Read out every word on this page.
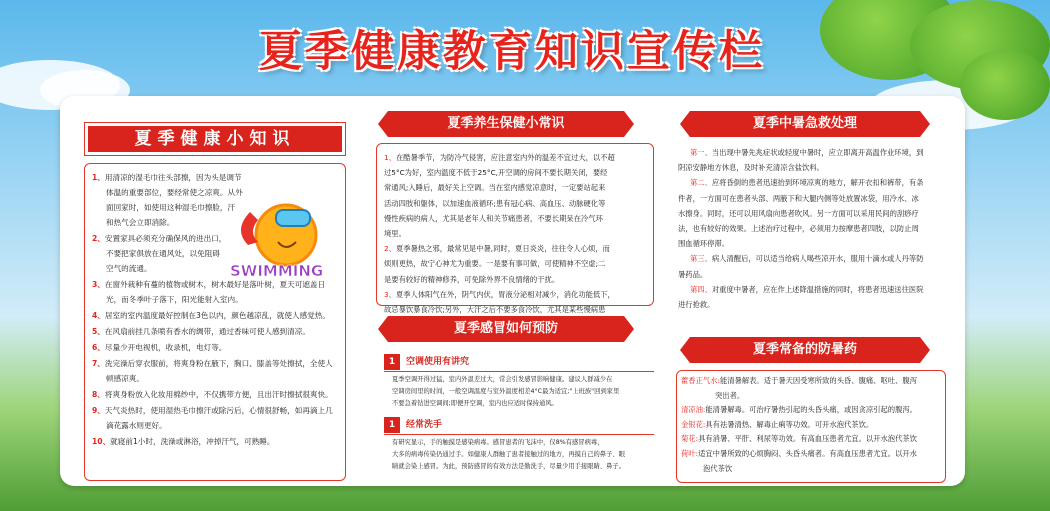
夏季健康教育知识宣传栏
夏季健康小知识
SWIMMING
1、用清凉的湿毛巾往头部擦，因为头是调节
体温的重要部位，要经常使之凉爽。从外
面回家时，如使用这种湿毛巾擦脸，汗
和热气会立即消除。
2、安置家具必须充分确保风的进出口，
不要把家俱放在通风处，以免阻碍
空气的流通。
3、在窗外栽种有蔓的植物或树木，树木最好是落叶树，夏天可遮盖日
光，而冬季叶子落下，阳光能射入室内。
4、居室的室内温度最好控制在3色以内，颜色越凉乱，就使人感觉热。
5、在风扇前挂几条喷有香水的绸带，通过香味可使人感到清凉。
6、尽量少开电视机，收录机，电灯等。
7、洗完澡后穿衣服前，将爽身粉在腋下，胸口、膝盖等处擦拭，全使人
顿感凉爽。
8、将爽身粉放入化妆用棉纱中，不仅携带方便，且出汗时擦拭很爽快。
9、天气炎热时，使用湿热毛巾擦汗或除污后，心情很舒畅，如再滴上几
滴花露水则更好。
10、就寝前1小时，洗澡或淋浴，冲掉汗气，可熟睡。
夏季养生保健小常识
1、在酷暑季节，为防冷气侵害，应注意室内外的温差不宜过大，以不超
过5°C为好，室内温度不低于25°C,开空调的房间不要长期关闭，要经
常通风;入睡后，最好关上空调。当在室内感觉凉意时，一定要站起来
活动四肢和躯体，以加速血液循环;患有冠心病、高血压、动脉硬化等
慢性疾病的病人，尤其是老年人和关节痛患者，不要长期呆在冷气环
境里。
2、夏季暑热之邪，最常见是中暑,同时，夏日炎炎，往往令人心烦，而
烦则更热，故宁心神尤为重要。一是要有事可做，可使精神不空虚;二
是要有较好的精神修养，可免除外界不良情绪的干扰。
3、夏季人体阳气在外，阴气内伏，胃液分泌相对减少，消化功能低下，
故忌暴饮暴食冷饮;另外，大汗之后不要多食冷饮，尤其是某些慢病患
夏季感冒如何预防
1 空调使用有讲究
夏季空调开得过猛，室内外温差过大，常会引发感冒影响健康。建议人群减少在
空调房间里的时间，一般空调温度与室外温度相差4°C最为适宜;"上班族"回到家里
不要急着钻进空调间;即便开空调，室内也应适时保持通风。
1 经常洗手
有研究显示，手的触摸是感染病毒。感冒患者的飞沫中，仅8%有感冒病毒，
大多的病毒传染仍通过手。如健康人群触了患者接触过的地方，再摸自己的鼻子、眼
睛就会染上感冒。为此，预防感冒的有效方法是勤洗手，尽量少用手接眼睛、鼻子。
夏季中暑急救处理
第一、当出现中暑先兆症状或轻度中暑时，应立即离开高温作业环境，到
阴凉安静地方休息，及时补充清凉含盐饮料。
第二、应将昏倒的患者迅速抬到环境凉爽的地方，解开衣扣和裤带，有条
件者，一方面可在患者头部、两腋下和大腿内侧等处放置冰袋，用冷水、冰
水擦身。同时，还可以用风扇向患者吹风。另一方面可以采用民间的刮痧疗
法，也有较好的效果。上述治疗过程中，必须用力按摩患者四肢，以防止周
围血循环停滞。
第三、病人清醒后，可以适当给病人喝些凉开水，服用十滴水或人丹等防
暑药品。
第四、对重度中暑者，应在作上述降温措施的同时，将患者迅速送往医院
进行抢救。
夏季常备的防暑药
藿香正气水:能清暑解表。适于暑天因受寒所致的头昏、腹痛、呕吐、腹泻
突出者。
清凉油:能清暑解毒。可治疗暑热引起的头昏头痛，或因贪凉引起的腹泻。
金银花:具有祛暑清热、解毒止痢等功效。可开水泡代茶饮。
菊花:具有消暑、平肝、利尿等功效。有高血压患者尤宜。以开水泡代茶饮
荷叶:适宜中暑所致的心烦胸闷、头昏头痛者。有高血压患者尤宜。以开水
泡代茶饮
